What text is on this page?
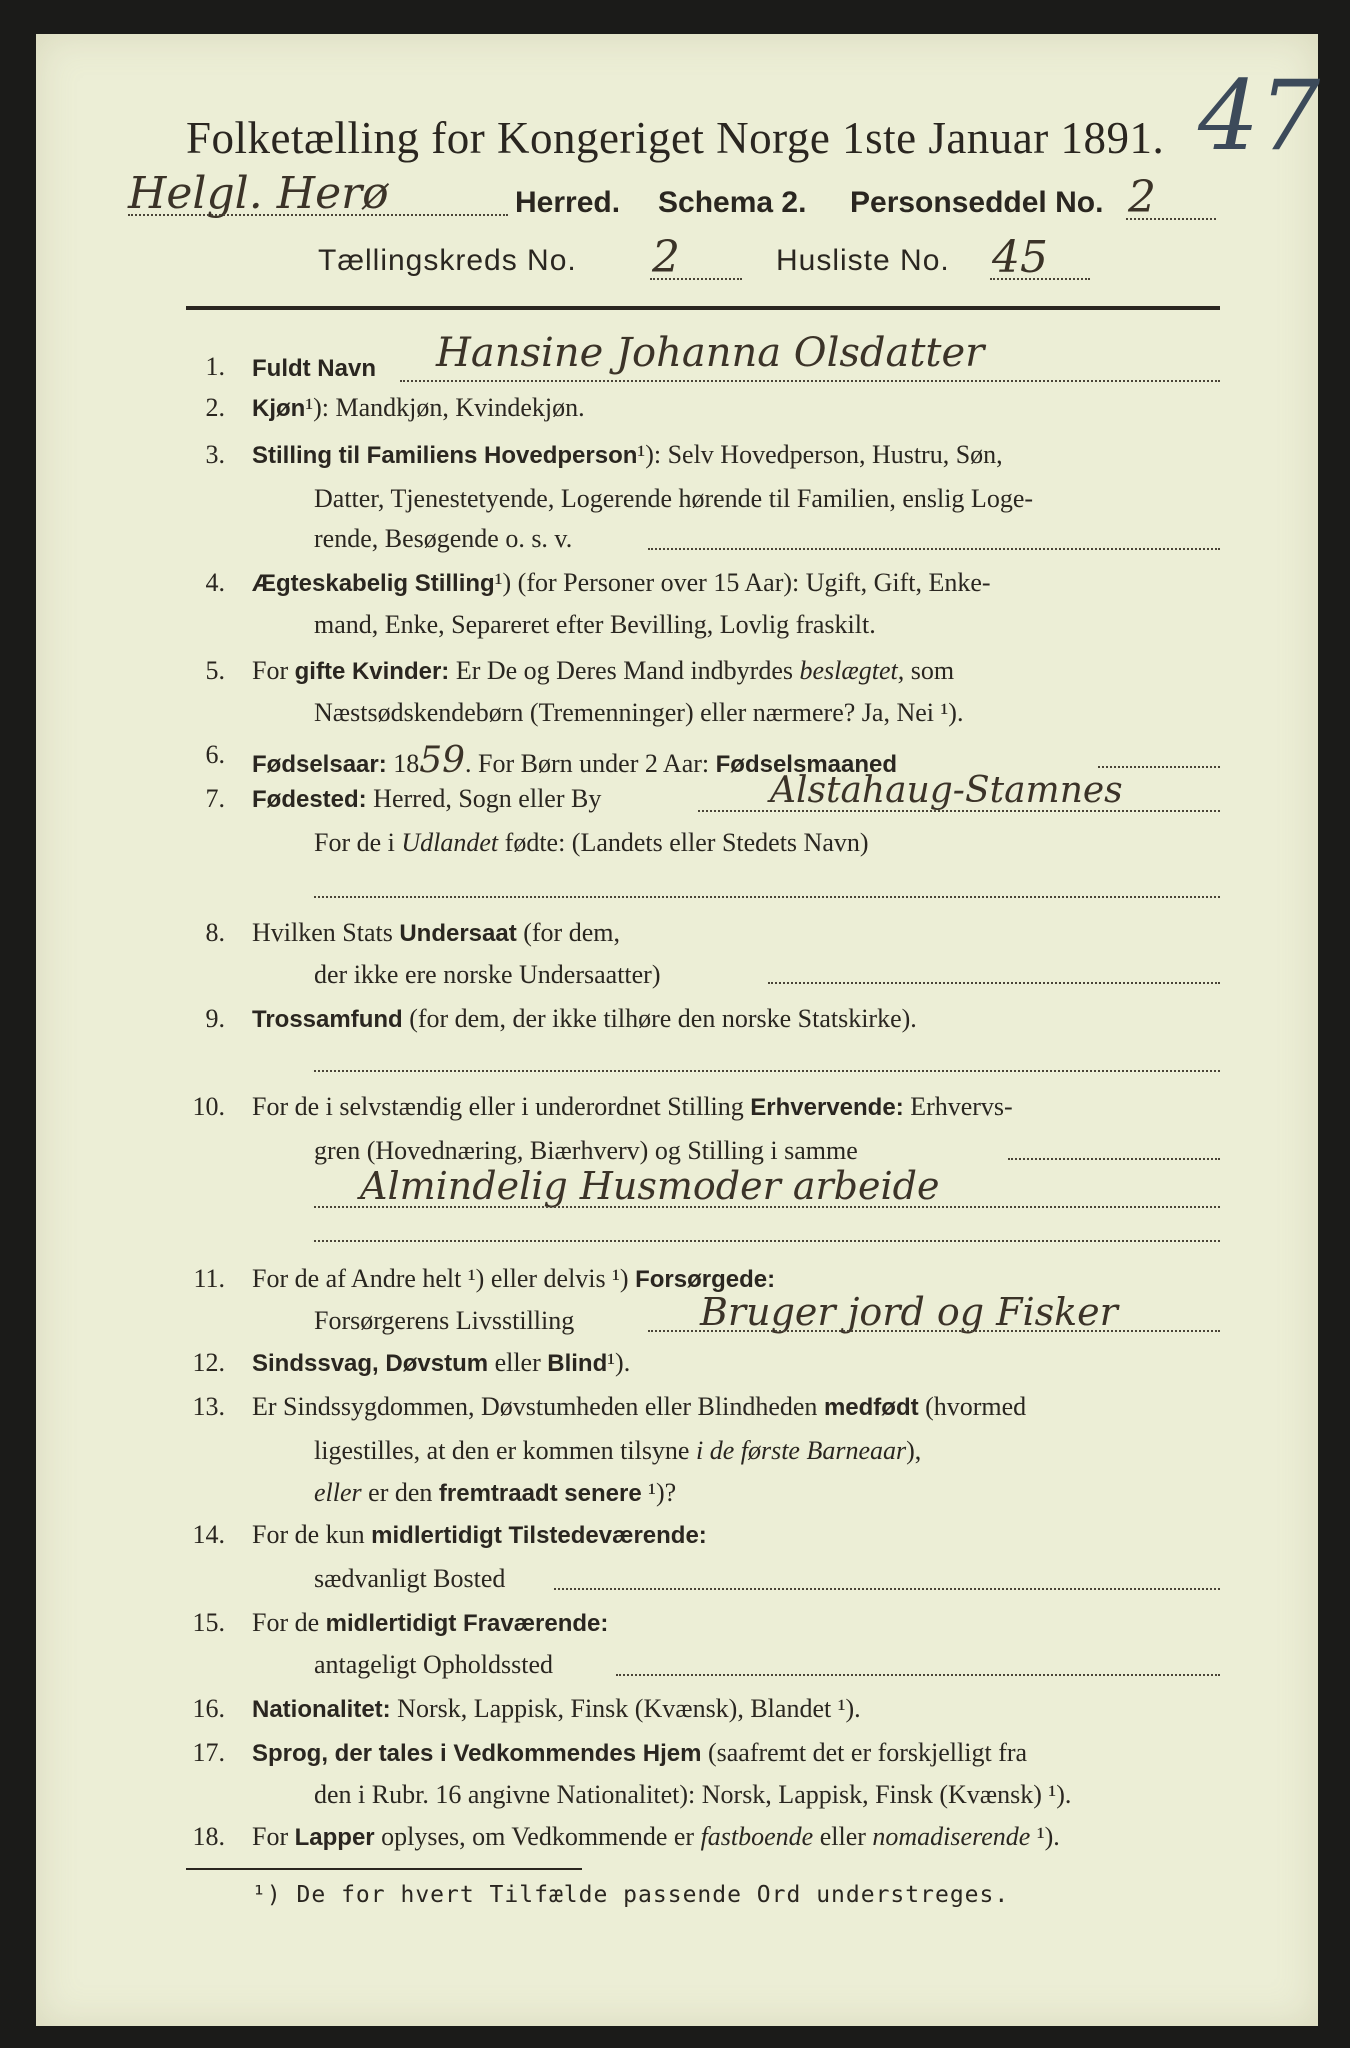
Folketælling for Kongeriget Norge 1ste Januar 1891. 47
Helgl. Herø	Herred. Schema 2. Personseddel No. 2
Tællingskreds No. 2	Husliste No. 45
1. Fuldt Navn Hansine Johanna Olsdatter
2. Kjøn¹): Mandkjøn, Kvindekjøn.
3. Stilling til Familiens Hovedperson¹): Selv Hovedperson, Hustru, Søn,
Datter, Tjenestetyende, Logerende hørende til Familien, enslig Loge-
rende, Besøgende o. s. v.
4. Ægteskabelig Stilling¹) (for Personer over 15 Aar): Ugift, Gift, Enke-
mand, Enke, Separeret efter Bevilling, Lovlig fraskilt.
5. For gifte Kvinder: Er De og Deres Mand indbyrdes beslægtet, som
Næstsødskendebørn (Tremenninger) eller nærmere? Ja, Nei ¹).
6. Fødselsaar: 1859. For Børn under 2 Aar: Fødselsmaaned
7. Fødested: Herred, Sogn eller By	Alstahaug-Stamnes
For de i Udlandet fødte: (Landets eller Stedets Navn)
8. Hvilken Stats Undersaat (for dem,
der ikke ere norske Undersaatter)
9. Trossamfund (for dem, der ikke tilhøre den norske Statskirke).
10. For de i selvstændig eller i underordnet Stilling Erhvervende: Erhvervs-
gren (Hovednæring, Biærhverv) og Stilling i samme
Almindelig Husmoder arbeide
11. For de af Andre helt ¹) eller delvis ¹) Forsørgede:
Forsørgerens Livsstilling	Bruger jord og Fisker
12. Sindssvag, Døvstum eller Blind¹).
13. Er Sindssygdommen, Døvstumheden eller Blindheden medfødt (hvormed
ligestilles, at den er kommen tilsyne i de første Barneaar),
eller er den fremtraadt senere ¹)?
14. For de kun midlertidigt Tilstedeværende:
sædvanligt Bosted
15. For de midlertidigt Fraværende:
antageligt Opholdssted
16. Nationalitet: Norsk, Lappisk, Finsk (Kvænsk), Blandet ¹).
17. Sprog, der tales i Vedkommendes Hjem (saafremt det er forskjelligt fra
den i Rubr. 16 angivne Nationalitet): Norsk, Lappisk, Finsk (Kvænsk) ¹).
18. For Lapper oplyses, om Vedkommende er fastboende eller nomadiserende ¹).
¹) De for hvert Tilfælde passende Ord understreges.
